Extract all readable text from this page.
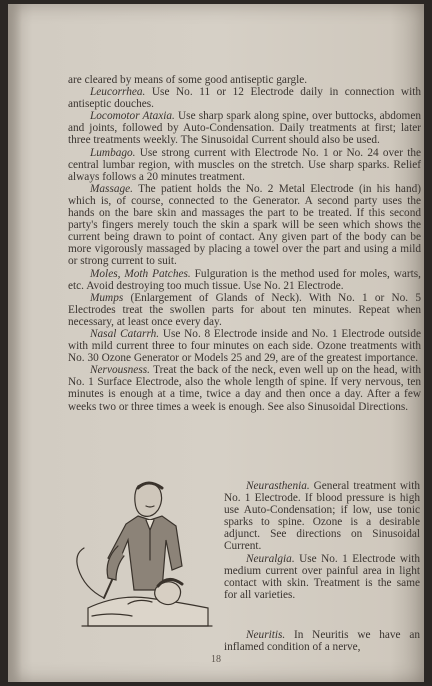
are cleared by means of some good antiseptic gargle.

Leucorrhea. Use No. 11 or 12 Electrode daily in connection with antiseptic douches.

Locomotor Ataxia. Use sharp spark along spine, over buttocks, abdomen and joints, followed by Auto-Condensation. Daily treatments at first; later three treatments weekly. The Sinusoidal Current should also be used.

Lumbago. Use strong current with Electrode No. 1 or No. 24 over the central lumbar region, with muscles on the stretch. Use sharp sparks. Relief always follows a 20 minutes treatment.

Massage. The patient holds the No. 2 Metal Electrode (in his hand) which is, of course, connected to the Generator. A second party uses the hands on the bare skin and massages the part to be treated. If this second party's fingers merely touch the skin a spark will be seen which shows the current being drawn to point of contact. Any given part of the body can be more vigorously massaged by placing a towel over the part and using a mild or strong current to suit.

Moles, Moth Patches. Fulguration is the method used for moles, warts, etc. Avoid destroying too much tissue. Use No. 21 Electrode.

Mumps (Enlargement of Glands of Neck). With No. 1 or No. 5 Electrodes treat the swollen parts for about ten minutes. Repeat when necessary, at least once every day.

Nasal Catarrh. Use No. 8 Electrode inside and No. 1 Electrode outside with mild current three to four minutes on each side. Ozone treatments with No. 30 Ozone Generator or Models 25 and 29, are of the greatest importance.

Nervousness. Treat the back of the neck, even well up on the head, with No. 1 Surface Electrode, also the whole length of spine. If very nervous, ten minutes is enough at a time, twice a day and then once a day. After a few weeks two or three times a week is enough. See also Sinusoidal Directions.

Neurasthenia. General treatment with No. 1 Electrode. If blood pressure is high use Auto-Condensation; if low, use tonic sparks to spine. Ozone is a desirable adjunct. See directions on Sinusoidal Current.

Neuralgia. Use No. 1 Electrode with medium current over painful area in light contact with skin. Treatment is the same for all varieties.

Neuritis. In Neuritis we have an inflamed condition of a nerve,
18
